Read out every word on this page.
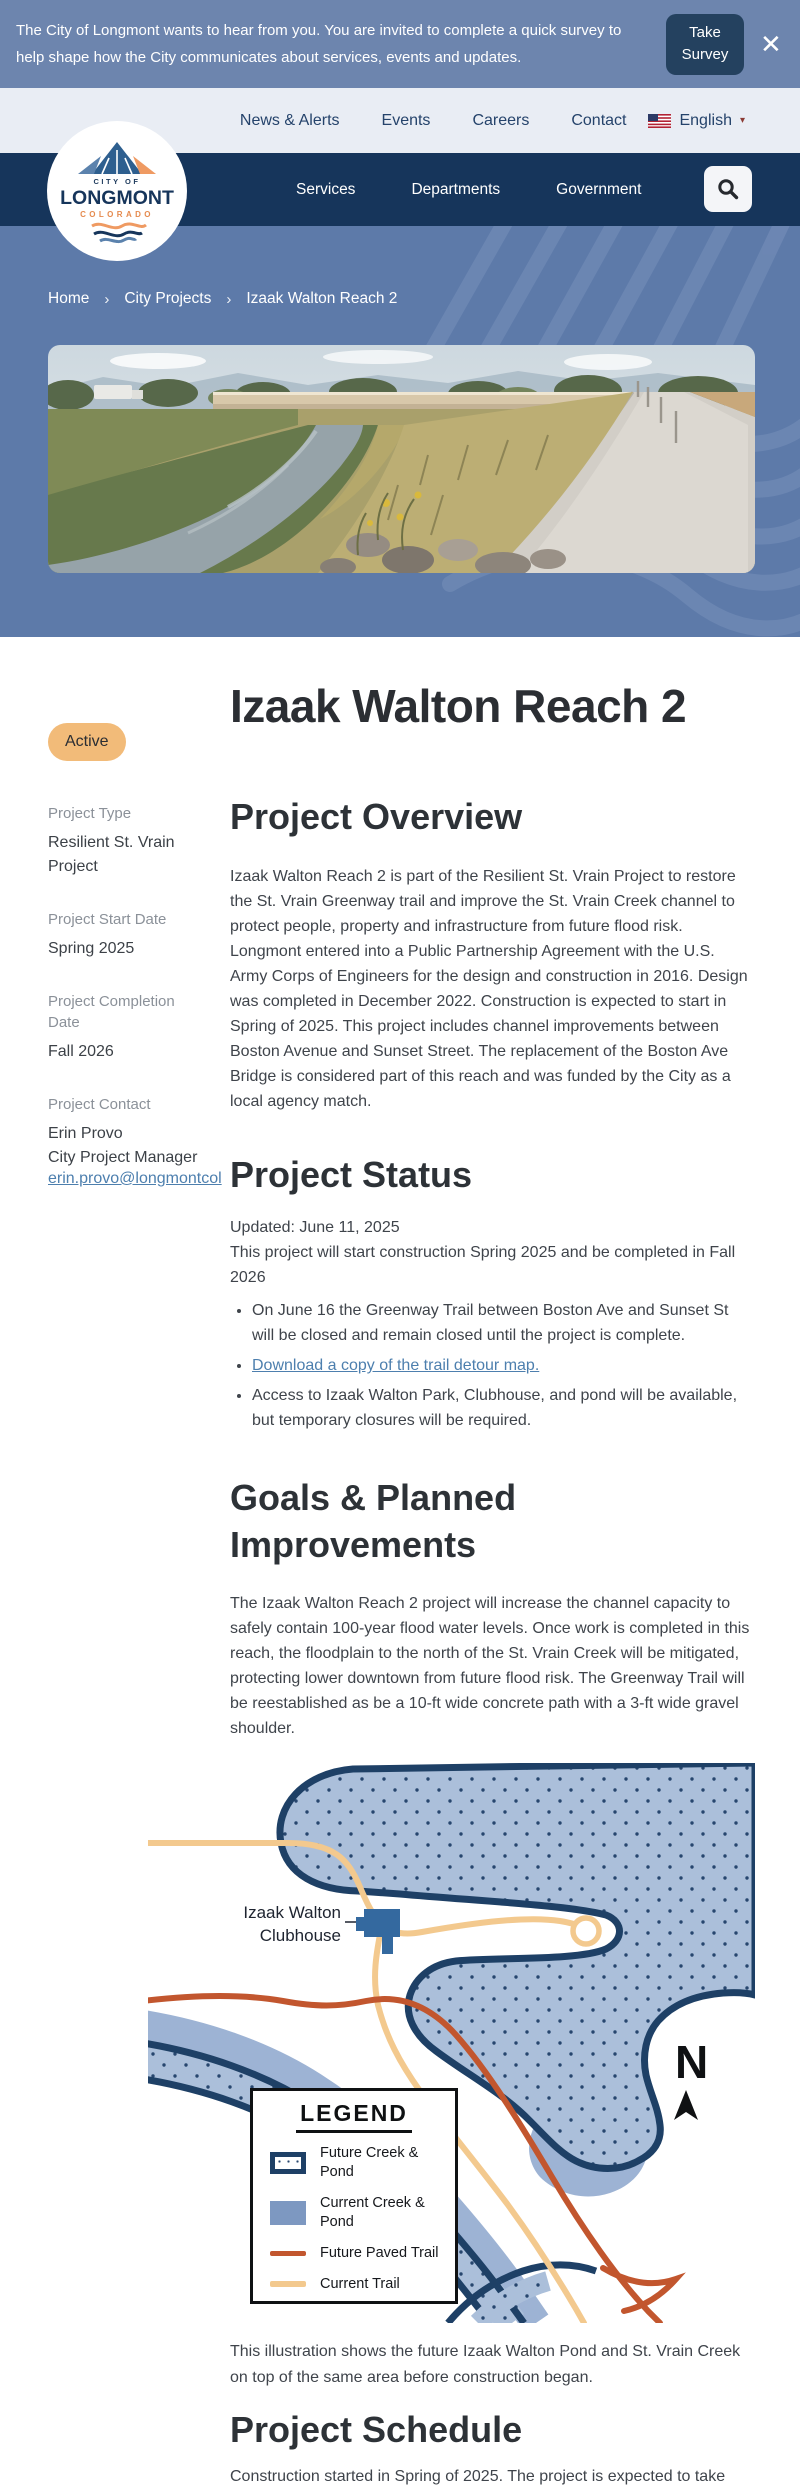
The City of Longmont wants to hear from you. You are invited to complete a quick survey to help shape how the City communicates about services, events and updates.
Take Survey	✕
News & Alerts	Events	Careers	Contact	English ▾
Services	Departments	Government
CITY OF
LONGMONT
COLORADO
Home › City Projects › Izaak Walton Reach 2
Active
Project Type
Resilient St. Vrain Project
Project Start Date
Spring 2025
Project Completion Date
Fall 2026
Project Contact
Erin Provo
City Project Manager
erin.provo@longmontcol
Izaak Walton Reach 2
Project Overview

Izaak Walton Reach 2 is part of the Resilient St. Vrain Project to restore the St. Vrain Greenway trail and improve the St. Vrain Creek channel to protect people, property and infrastructure from future flood risk. Longmont entered into a Public Partnership Agreement with the U.S. Army Corps of Engineers for the design and construction in 2016. Design was completed in December 2022. Construction is expected to start in Spring of 2025. This project includes channel improvements between Boston Avenue and Sunset Street. The replacement of the Boston Ave Bridge is considered part of this reach and was funded by the City as a local agency match.

Project Status

Updated: June 11, 2025

This project will start construction Spring 2025 and be completed in Fall 2026

• On June 16 the Greenway Trail between Boston Ave and Sunset St will be closed and remain closed until the project is complete.
• Download a copy of the trail detour map.
• Access to Izaak Walton Park, Clubhouse, and pond will be available, but temporary closures will be required.
Goals & Planned Improvements

The Izaak Walton Reach 2 project will increase the channel capacity to safely contain 100-year flood water levels. Once work is completed in this reach, the floodplain to the north of the St. Vrain Creek will be mitigated, protecting lower downtown from future flood risk. The Greenway Trail will be reestablished as be a 10-ft wide concrete path with a 3-ft wide gravel shoulder.

Izaak Walton
Clubhouse
N
LEGEND
Future Creek & Pond
Current Creek & Pond
Future Paved Trail
Current Trail

This illustration shows the future Izaak Walton Pond and St. Vrain Creek on top of the same area before construction began.

Project Schedule

Construction started in Spring of 2025. The project is expected to take
